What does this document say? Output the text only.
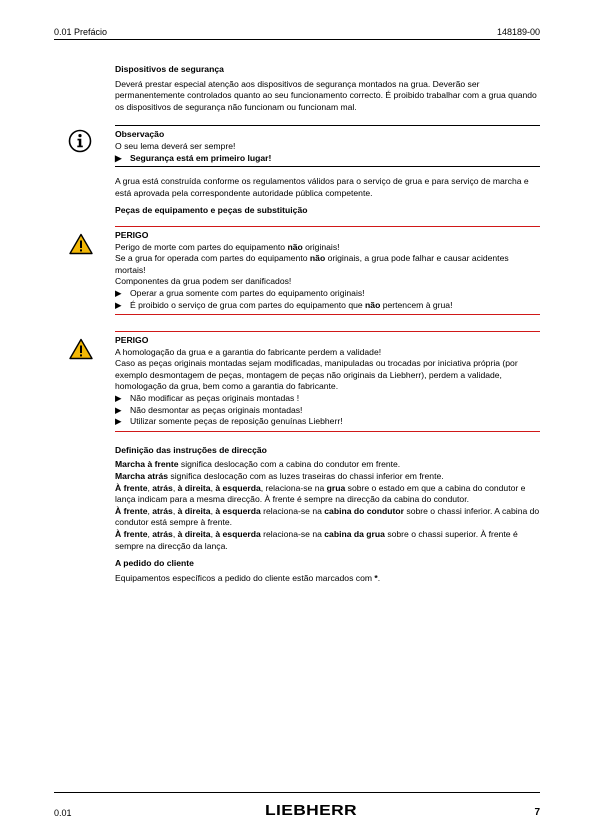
0.01 Prefácio	148189-00
Dispositivos de segurança

Deverá prestar especial atenção aos dispositivos de segurança montados na grua. Deverão ser permanentemente controlados quanto ao seu funcionamento correcto. É proibido trabalhar com a grua quando os dispositivos de segurança não funcionam ou funcionam mal.

Observação
O seu lema deverá ser sempre!
▶ Segurança está em primeiro lugar!

A grua está construída conforme os regulamentos válidos para o serviço de grua e para serviço de marcha e está aprovada pela correspondente autoridade pública competente.

Peças de equipamento e peças de substituição
PERIGO
Perigo de morte com partes do equipamento não originais!
Se a grua for operada com partes do equipamento não originais, a grua pode falhar e causar acidentes mortais!
Componentes da grua podem ser danificados!
▶ Operar a grua somente com partes do equipamento originais!
▶ É proibido o serviço de grua com partes do equipamento que não pertencem à grua!
PERIGO
A homologação da grua e a garantia do fabricante perdem a validade!
Caso as peças originais montadas sejam modificadas, manipuladas ou trocadas por iniciativa própria (por exemplo desmontagem de peças, montagem de peças não originais da Liebherr), perdem a validade, homologação da grua, bem como a garantia do fabricante.
▶ Não modificar as peças originais montadas !
▶ Não desmontar as peças originais montadas!
▶ Utilizar somente peças de reposição genuínas Liebherr!
Definição das instruções de direcção
Marcha à frente significa deslocação com a cabina do condutor em frente.
Marcha atrás significa deslocação com as luzes traseiras do chassi inferior em frente.
À frente, atrás, à direita, à esquerda, relaciona-se na grua sobre o estado em que a cabina do condutor e lança indicam para a mesma direcção. À frente é sempre na direcção da cabina do condutor.
À frente, atrás, à direita, à esquerda relaciona-se na cabina do condutor sobre o chassi inferior. A cabina do condutor está sempre à frente.
À frente, atrás, à direita, à esquerda relaciona-se na cabina da grua sobre o chassi superior. À frente é sempre na direcção da lança.
A pedido do cliente
Equipamentos específicos a pedido do cliente estão marcados com *.
0.01	LIEBHERR	7
